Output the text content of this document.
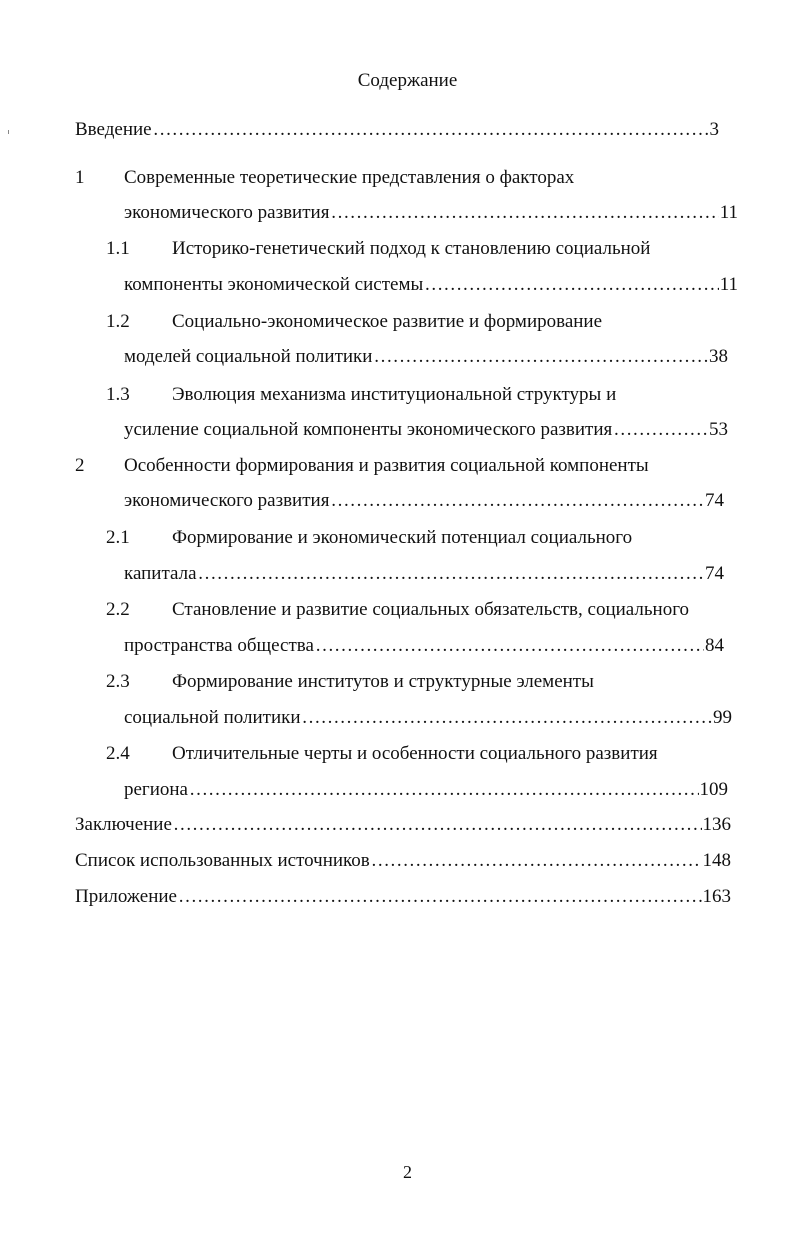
Содержание
Введение ……………………………………………………………………………………………………………………………………………………………………………………………	3
1 Современные теоретические представления о факторах
экономического развития ……………………………………………………………………………………………………………………………………………………………………………………………	11
1.1 Историко-генетический подход к становлению социальной
компоненты экономической системы ……………………………………………………………………………………………………………………………………………………………………………………………	11
1.2 Социально-экономическое развитие и формирование
моделей социальной политики ……………………………………………………………………………………………………………………………………………………………………………………………	38
1.3 Эволюция механизма институциональной структуры и
усиление социальной компоненты экономического развития ……………………………………………………………………………………………………………………………………………………………………………………………	53
2 Особенности формирования и развития социальной компоненты
экономического развития ……………………………………………………………………………………………………………………………………………………………………………………………	74
2.1 Формирование и экономический потенциал социального
капитала ……………………………………………………………………………………………………………………………………………………………………………………………	74
2.2 Становление и развитие социальных обязательств, социального
пространства общества ……………………………………………………………………………………………………………………………………………………………………………………………	84
2.3 Формирование институтов и структурные элементы
социальной политики ……………………………………………………………………………………………………………………………………………………………………………………………	99
2.4 Отличительные черты и особенности социального развития
региона ……………………………………………………………………………………………………………………………………………………………………………………………	109
Заключение ……………………………………………………………………………………………………………………………………………………………………………………………	136
Список использованных источников ……………………………………………………………………………………………………………………………………………………………………………………………	148
Приложение ……………………………………………………………………………………………………………………………………………………………………………………………	163
2
